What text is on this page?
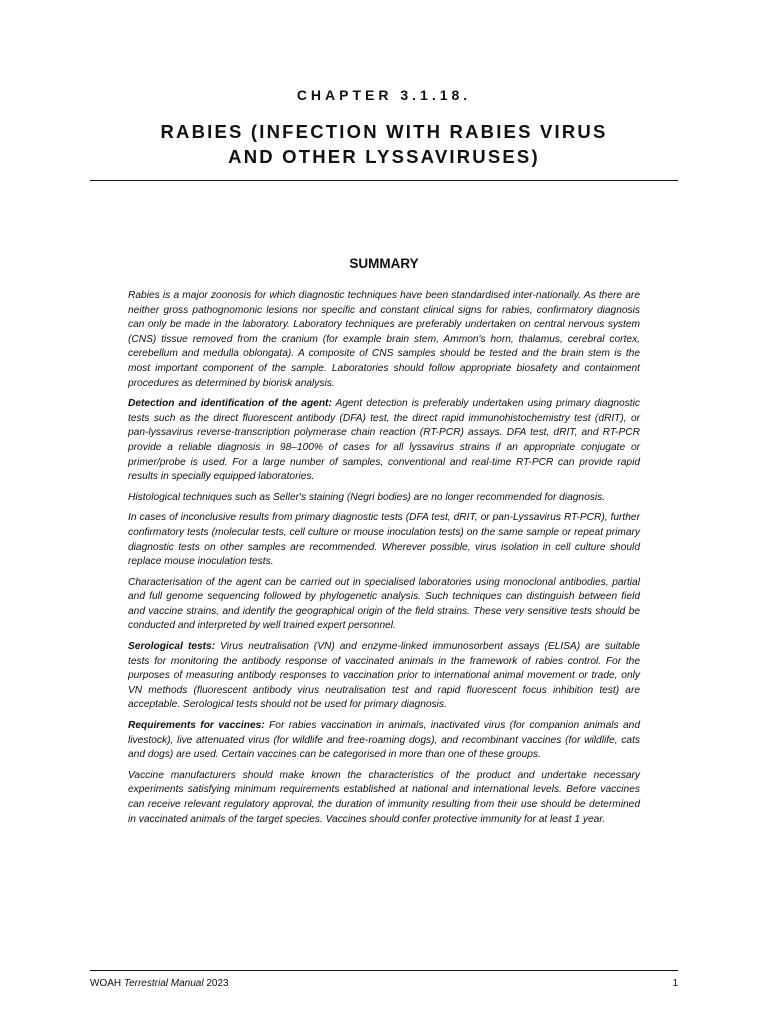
CHAPTER 3.1.18.
RABIES (INFECTION WITH RABIES VIRUS
AND OTHER LYSSAVIRUSES)
SUMMARY

Rabies is a major zoonosis for which diagnostic techniques have been standardised inter-nationally. As there are neither gross pathognomonic lesions nor specific and constant clinical signs for rabies, confirmatory diagnosis can only be made in the laboratory. Laboratory techniques are preferably undertaken on central nervous system (CNS) tissue removed from the cranium (for example brain stem, Ammon's horn, thalamus, cerebral cortex, cerebellum and medulla oblongata). A composite of CNS samples should be tested and the brain stem is the most important component of the sample. Laboratories should follow appropriate biosafety and containment procedures as determined by biorisk analysis.

Detection and identification of the agent: Agent detection is preferably undertaken using primary diagnostic tests such as the direct fluorescent antibody (DFA) test, the direct rapid immunohistochemistry test (dRIT), or pan-lyssavirus reverse-transcription polymerase chain reaction (RT-PCR) assays. DFA test, dRIT, and RT-PCR provide a reliable diagnosis in 98–100% of cases for all lyssavirus strains if an appropriate conjugate or primer/probe is used. For a large number of samples, conventional and real-time RT-PCR can provide rapid results in specially equipped laboratories.

Histological techniques such as Seller's staining (Negri bodies) are no longer recommended for diagnosis.

In cases of inconclusive results from primary diagnostic tests (DFA test, dRIT, or pan-Lyssavirus RT-PCR), further confirmatory tests (molecular tests, cell culture or mouse inoculation tests) on the same sample or repeat primary diagnostic tests on other samples are recommended. Wherever possible, virus isolation in cell culture should replace mouse inoculation tests.

Characterisation of the agent can be carried out in specialised laboratories using monoclonal antibodies, partial and full genome sequencing followed by phylogenetic analysis. Such techniques can distinguish between field and vaccine strains, and identify the geographical origin of the field strains. These very sensitive tests should be conducted and interpreted by well trained expert personnel.

Serological tests: Virus neutralisation (VN) and enzyme-linked immunosorbent assays (ELISA) are suitable tests for monitoring the antibody response of vaccinated animals in the framework of rabies control. For the purposes of measuring antibody responses to vaccination prior to international animal movement or trade, only VN methods (fluorescent antibody virus neutralisation test and rapid fluorescent focus inhibition test) are acceptable. Serological tests should not be used for primary diagnosis.

Requirements for vaccines: For rabies vaccination in animals, inactivated virus (for companion animals and livestock), live attenuated virus (for wildlife and free-roaming dogs), and recombinant vaccines (for wildlife, cats and dogs) are used. Certain vaccines can be categorised in more than one of these groups.

Vaccine manufacturers should make known the characteristics of the product and undertake necessary experiments satisfying minimum requirements established at national and international levels. Before vaccines can receive relevant regulatory approval, the duration of immunity resulting from their use should be determined in vaccinated animals of the target species. Vaccines should confer protective immunity for at least 1 year.

WOAH Terrestrial Manual 2023	1
